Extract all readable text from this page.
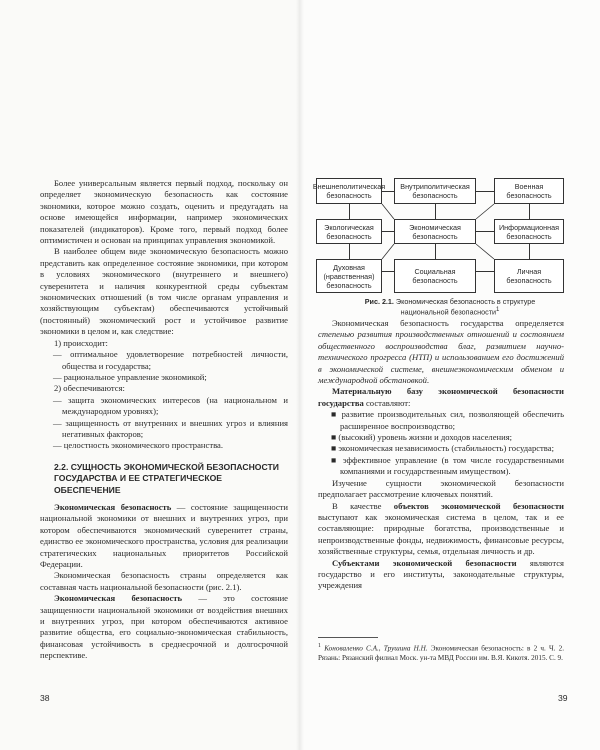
Более универсальным является первый подход, поскольку он определяет экономическую безопасность как состояние экономики, которое можно создать, оценить и предугадать на основе имеющейся информации, например экономических показателей (индикаторов). Кроме того, первый подход более оптимистичен и основан на принципах управления экономикой.

В наиболее общем виде экономическую безопасность можно представить как определенное состояние экономики, при котором в условиях экономического (внутреннего и внешнего) суверенитета и наличия конкурентной среды субъектам экономических отношений (в том числе органам управления и хозяйствующим субъектам) обеспечиваются устойчивый (постоянный) экономический рост и устойчивое развитие экономики в целом и, как следствие:

1) происходит:

— оптимальное удовлетворение потребностей личности, общества и государства;

— рациональное управление экономикой;

2) обеспечиваются:

— защита экономических интересов (на национальном и международном уровнях);

— защищенность от внутренних и внешних угроз и влияния негативных факторов;

— целостность экономического пространства.

2.2. СУЩНОСТЬ ЭКОНОМИЧЕСКОЙ БЕЗОПАСНОСТИ ГОСУДАРСТВА И ЕЕ СТРАТЕГИЧЕСКОЕ ОБЕСПЕЧЕНИЕ

Экономическая безопасность — состояние защищенности национальной экономики от внешних и внутренних угроз, при котором обеспечиваются экономический суверенитет страны, единство ее экономического пространства, условия для реализации стратегических национальных приоритетов Российской Федерации.

Экономическая безопасность страны определяется как составная часть национальной безопасности (рис. 2.1).

Экономическая безопасность — это состояние защищенности национальной экономики от воздействия внешних и внутренних угроз, при котором обеспечиваются активное развитие общества, его социально-экономическая стабильность, финансовая устойчивость в среднесрочной и долгосрочной перспективе.

38
Внешнеполитическая безопасность
Внутриполитическая безопасность
Военная безопасность
Экологическая безопасность
Экономическая безопасность
Информационная безопасность
Духовная (нравственная) безопасность
Социальная безопасность
Личная безопасность
Рис. 2.1. Экономическая безопасность в структуре национальной безопасности$^1$

Экономическая безопасность государства определяется степенью развития производственных отношений и состоянием общественного воспроизводства благ, развитием научно-технического прогресса (НТП) и использованием его достижений в экономической системе, внешнеэкономическим обменом и международной обстановкой.

Материальную базу экономической безопасности государства составляют:

■ развитие производительных сил, позволяющей обеспечить расширенное воспроизводство;

■ (высокий) уровень жизни и доходов населения;

■ экономическая независимость (стабильность) государства;

■ эффективное управление (в том числе государственными компаниями и государственным имуществом).

Изучение сущности экономической безопасности предполагает рассмотрение ключевых понятий.

В качестве объектов экономической безопасности выступают как экономическая система в целом, так и ее составляющие: природные богатства, производственные и непроизводственные фонды, недвижимость, финансовые ресурсы, хозяйственные структуры, семья, отдельная личность и др.

Субъектами экономической безопасности являются государство и его институты, законодательные структуры, учреждения

$^1$ Коноваленко С.А., Трушина Н.Н. Экономическая безопасность: в 2 ч. Ч. 2. Рязань: Рязанский филиал Моск. ун-та МВД России им. В.Я. Кикотя. 2015. С. 9.
39
